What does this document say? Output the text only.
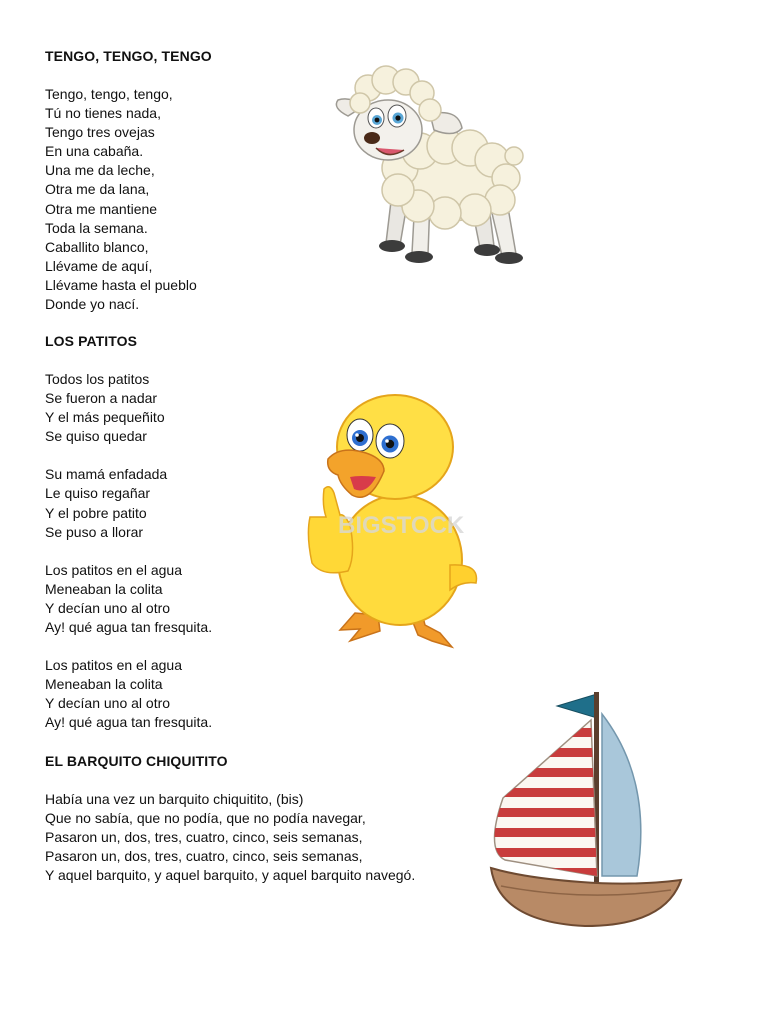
TENGO, TENGO, TENGO
Tengo, tengo, tengo,
Tú no tienes nada,
Tengo tres ovejas
En una cabaña.
Una me da leche,
Otra me da lana,
Otra me mantiene
Toda la semana.
Caballito blanco,
Llévame de aquí,
Llévame hasta el pueblo
Donde yo nací.
LOS PATITOS
Todos los patitos
Se fueron a nadar
Y el más pequeñito
Se quiso quedar
Su mamá enfadada
Le quiso regañar
Y el pobre patito
Se puso a llorar
Los patitos en el agua
Meneaban la colita
Y decían uno al otro
Ay! qué agua tan fresquita.
Los patitos en el agua
Meneaban la colita
Y decían uno al otro
Ay! qué agua tan fresquita.
EL BARQUITO CHIQUITITO
Había una vez un barquito chiquitito, (bis)
Que no sabía, que no podía, que no podía navegar,
Pasaron un, dos, tres, cuatro, cinco, seis semanas,
Pasaron un, dos, tres, cuatro, cinco, seis semanas,
Y aquel barquito, y aquel barquito, y aquel barquito navegó.
BIGSTOCK
